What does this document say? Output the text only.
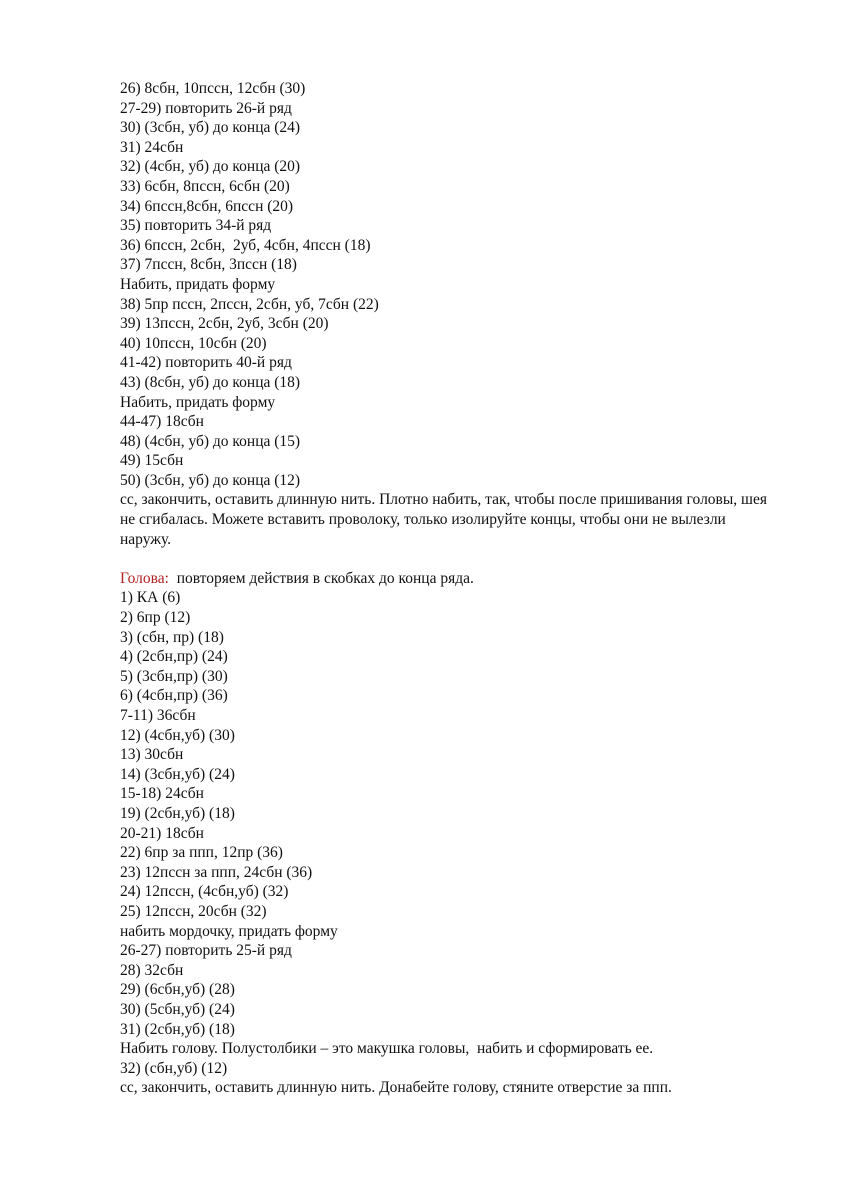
26) 8сбн, 10пссн, 12сбн (30)
27-29) повторить 26-й ряд
30) (3сбн, уб) до конца (24)
31) 24сбн
32) (4сбн, уб) до конца (20)
33) 6сбн, 8пссн, 6сбн (20)
34) 6пссн,8сбн, 6пссн (20)
35) повторить 34-й ряд
36) 6пссн, 2сбн,  2уб, 4сбн, 4пссн (18)
37) 7пссн, 8сбн, 3пссн (18)
Набить, придать форму
38) 5пр пссн, 2пссн, 2сбн, уб, 7сбн (22)
39) 13пссн, 2сбн, 2уб, 3сбн (20)
40) 10пссн, 10сбн (20)
41-42) повторить 40-й ряд
43) (8сбн, уб) до конца (18)
Набить, придать форму
44-47) 18сбн
48) (4сбн, уб) до конца (15)
49) 15сбн
50) (3сбн, уб) до конца (12)
сс, закончить, оставить длинную нить. Плотно набить, так, чтобы после пришивания головы, шея не сгибалась. Можете вставить проволоку, только изолируйте концы, чтобы они не вылезли наружу.
Голова:  повторяем действия в скобках до конца ряда.
1) КА (6)
2) 6пр (12)
3) (сбн, пр) (18)
4) (2сбн,пр) (24)
5) (3сбн,пр) (30)
6) (4сбн,пр) (36)
7-11) 36сбн
12) (4сбн,уб) (30)
13) 30сбн
14) (3сбн,уб) (24)
15-18) 24сбн
19) (2сбн,уб) (18)
20-21) 18сбн
22) 6пр за ппп, 12пр (36)
23) 12пссн за ппп, 24сбн (36)
24) 12пссн, (4сбн,уб) (32)
25) 12пссн, 20сбн (32)
набить мордочку, придать форму
26-27) повторить 25-й ряд
28) 32сбн
29) (6сбн,уб) (28)
30) (5сбн,уб) (24)
31) (2сбн,уб) (18)
Набить голову. Полустолбики – это макушка головы,  набить и сформировать ее.
32) (сбн,уб) (12)
сс, закончить, оставить длинную нить. Донабейте голову, стяните отверстие за ппп.
